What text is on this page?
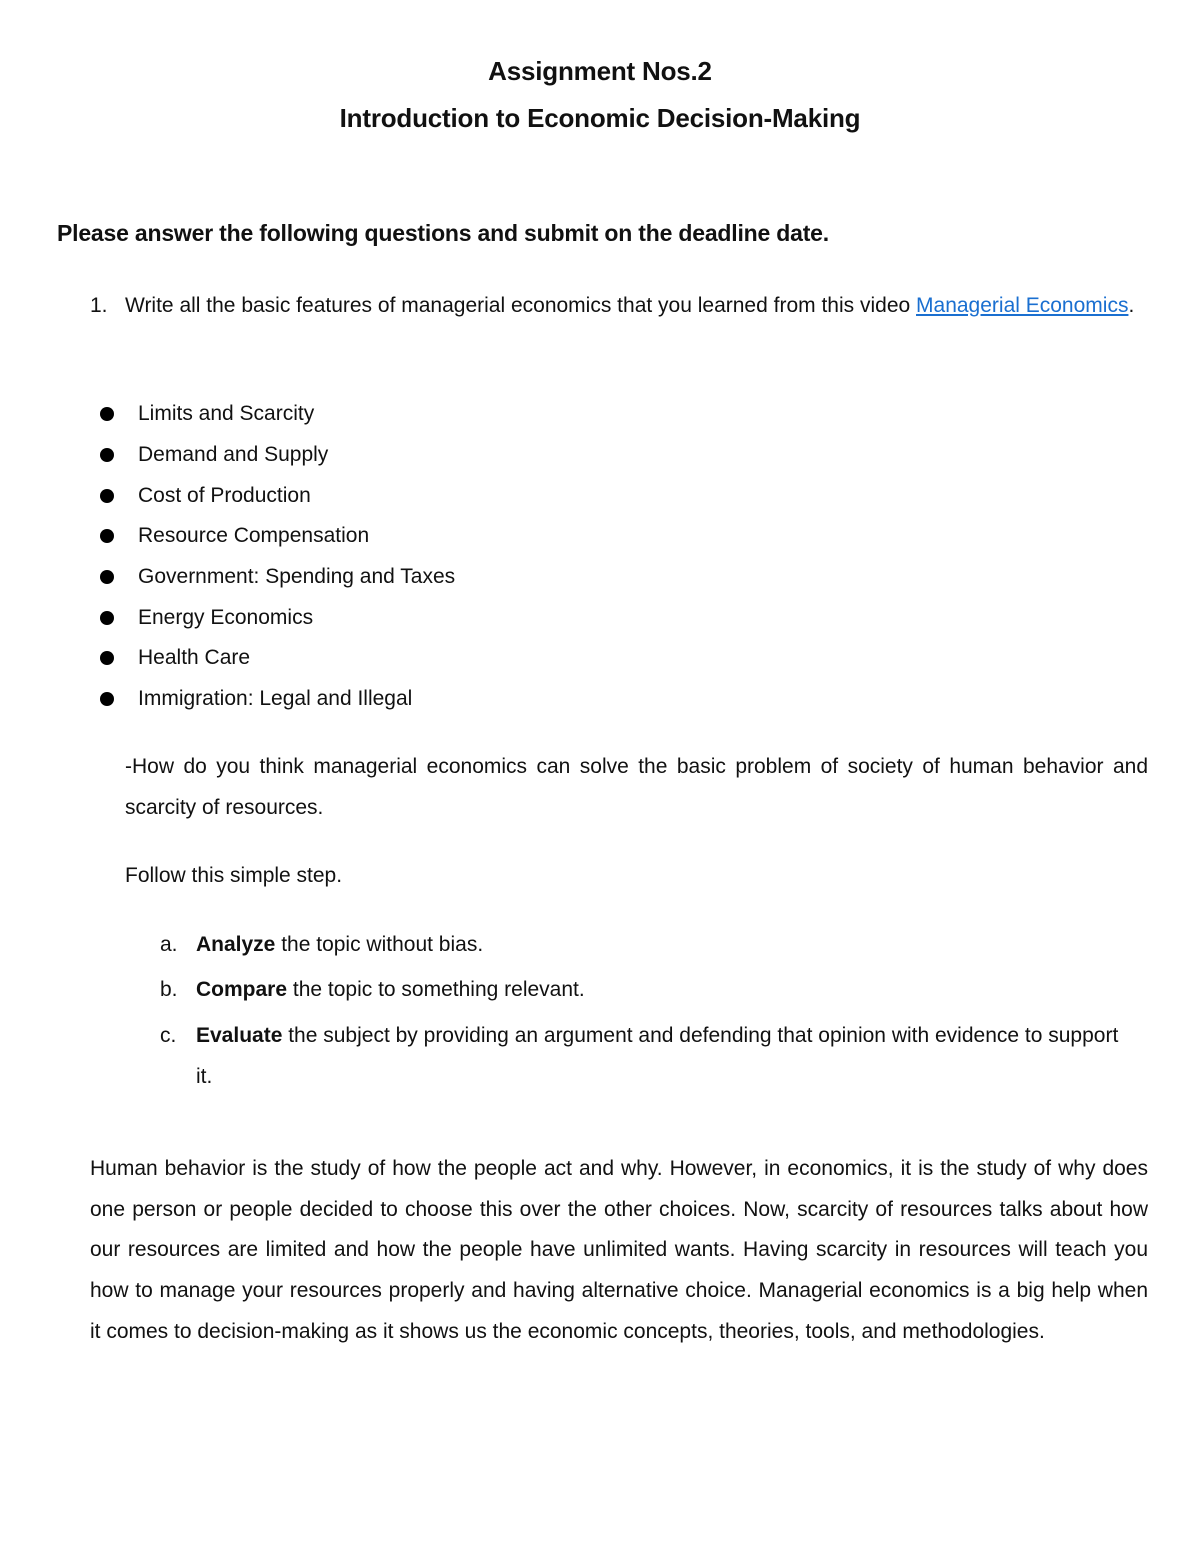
Assignment Nos.2
Introduction to Economic Decision-Making
Please answer the following questions and submit on the deadline date.
1. Write all the basic features of managerial economics that you learned from this video Managerial Economics.
Limits and Scarcity
Demand and Supply
Cost of Production
Resource Compensation
Government: Spending and Taxes
Energy Economics
Health Care
Immigration: Legal and Illegal
-How do you think managerial economics can solve the basic problem of society of human behavior and scarcity of resources.
Follow this simple step.
a. Analyze the topic without bias.
b. Compare the topic to something relevant.
c. Evaluate the subject by providing an argument and defending that opinion with evidence to support it.
Human behavior is the study of how the people act and why. However, in economics, it is the study of why does one person or people decided to choose this over the other choices. Now, scarcity of resources talks about how our resources are limited and how the people have unlimited wants. Having scarcity in resources will teach you how to manage your resources properly and having alternative choice. Managerial economics is a big help when it comes to decision-making as it shows us the economic concepts, theories, tools, and methodologies.
